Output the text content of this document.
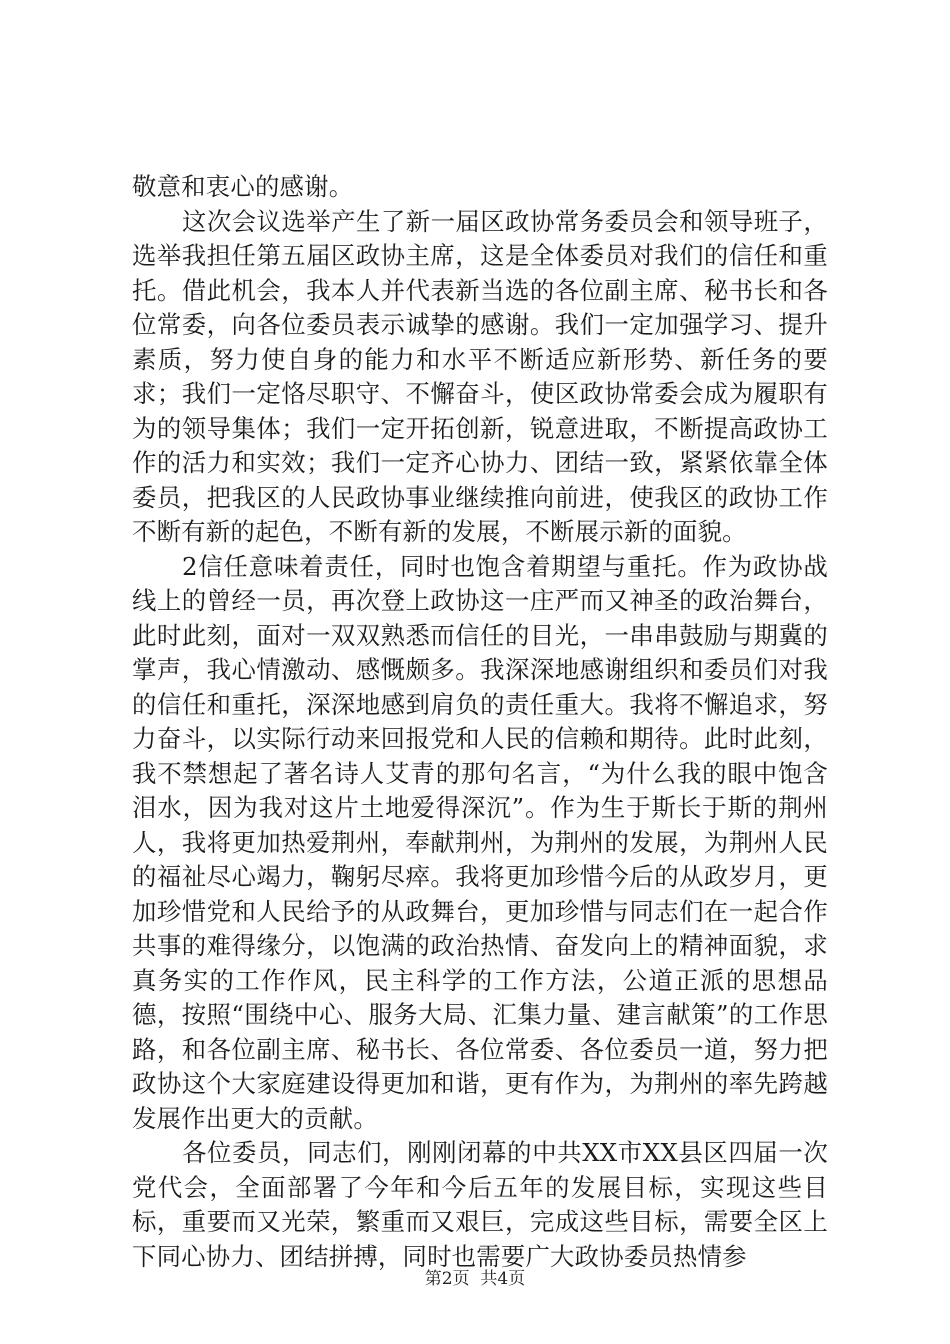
敬意和衷心的感谢。

这次会议选举产生了新一届区政协常务委员会和领导班子，选举我担任第五届区政协主席，这是全体委员对我们的信任和重托。借此机会，我本人并代表新当选的各位副主席、秘书长和各位常委，向各位委员表示诚挚的感谢。我们一定加强学习、提升素质，努力使自身的能力和水平不断适应新形势、新任务的要求；我们一定恪尽职守、不懈奋斗，使区政协常委会成为履职有为的领导集体；我们一定开拓创新，锐意进取，不断提高政协工作的活力和实效；我们一定齐心协力、团结一致，紧紧依靠全体委员，把我区的人民政协事业继续推向前进，使我区的政协工作不断有新的起色，不断有新的发展，不断展示新的面貌。

2信任意味着责任，同时也饱含着期望与重托。作为政协战线上的曾经一员，再次登上政协这一庄严而又神圣的政治舞台，此时此刻，面对一双双熟悉而信任的目光，一串串鼓励与期冀的掌声，我心情激动、感慨颇多。我深深地感谢组织和委员们对我的信任和重托，深深地感到肩负的责任重大。我将不懈追求，努力奋斗，以实际行动来回报党和人民的信赖和期待。此时此刻，我不禁想起了著名诗人艾青的那句名言，“为什么我的眼中饱含泪水，因为我对这片土地爱得深沉”。作为生于斯长于斯的荆州人，我将更加热爱荆州，奉献荆州，为荆州的发展，为荆州人民的福祉尽心竭力，鞠躬尽瘁。我将更加珍惜今后的从政岁月，更加珍惜党和人民给予的从政舞台，更加珍惜与同志们在一起合作共事的难得缘分，以饱满的政治热情、奋发向上的精神面貌，求真务实的工作作风，民主科学的工作方法，公道正派的思想品德，按照“围绕中心、服务大局、汇集力量、建言献策”的工作思路，和各位副主席、秘书长、各位常委、各位委员一道，努力把政协这个大家庭建设得更加和谐，更有作为，为荆州的率先跨越发展作出更大的贡献。

各位委员，同志们，刚刚闭幕的中共XX市XX县区四届一次党代会，全面部署了今年和今后五年的发展目标，实现这些目标，重要而又光荣，繁重而又艰巨，完成这些目标，需要全区上下同心协力、团结拼搏，同时也需要广大政协委员热情参

第2页 共4页
